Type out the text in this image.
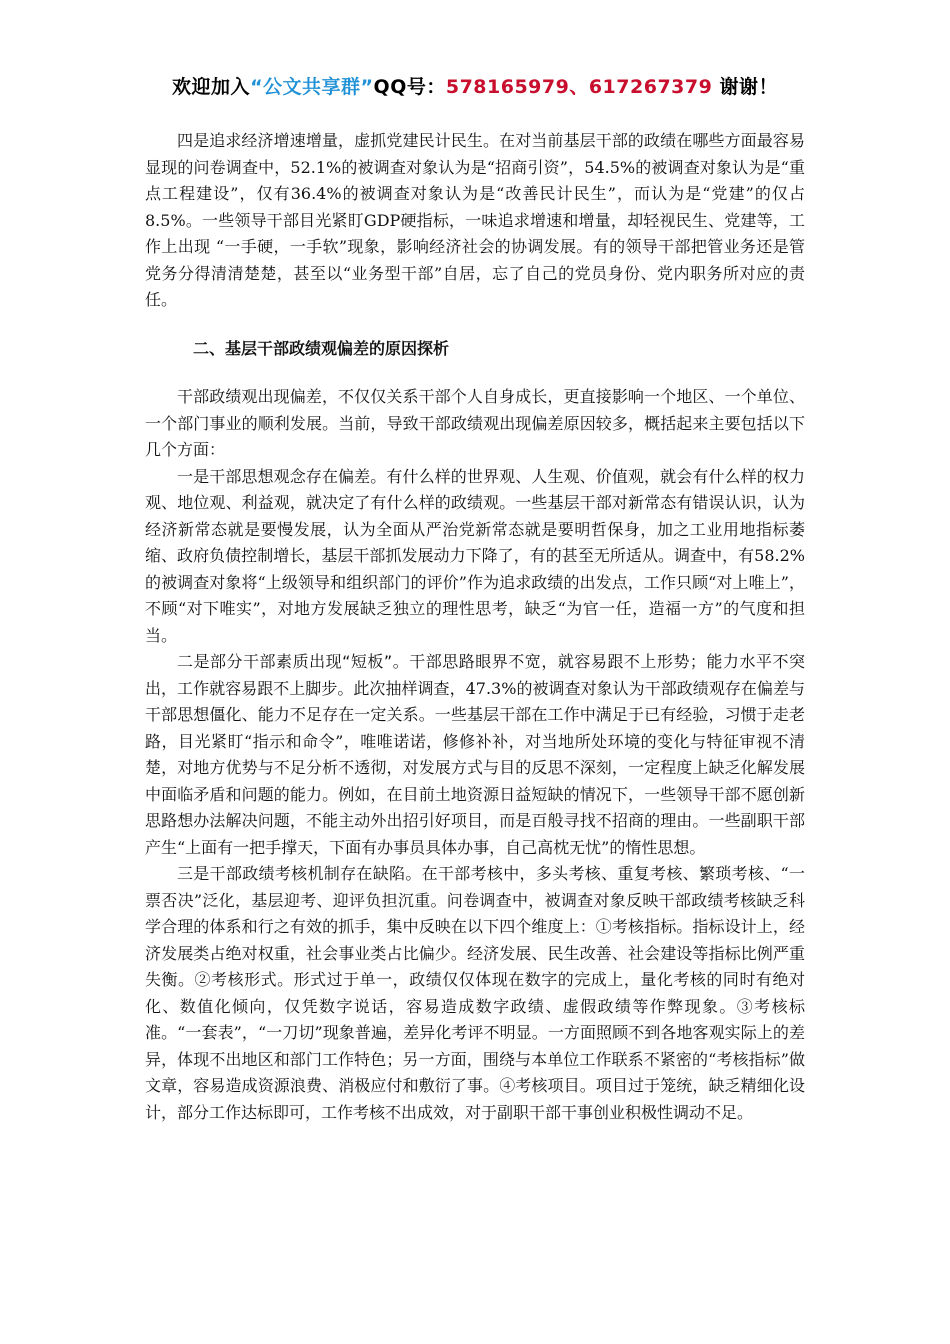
欢迎加入“公文共享群”QQ号：578165979、617267379 谢谢！

四是追求经济增速增量，虚抓党建民计民生。在对当前基层干部的政绩在哪些方面最容易显现的问卷调查中，52.1%的被调查对象认为是“招商引资”，54.5%的被调查对象认为是“重点工程建设”，仅有36.4%的被调查对象认为是“改善民计民生”，而认为是“党建”的仅占8.5%。一些领导干部目光紧盯GDP硬指标，一味追求增速和增量，却轻视民生、党建等，工作上出现 “一手硬，一手软”现象，影响经济社会的协调发展。有的领导干部把管业务还是管党务分得清清楚楚，甚至以“业务型干部”自居，忘了自己的党员身份、党内职务所对应的责任。

二、基层干部政绩观偏差的原因探析

干部政绩观出现偏差，不仅仅关系干部个人自身成长，更直接影响一个地区、一个单位、一个部门事业的顺利发展。当前，导致干部政绩观出现偏差原因较多，概括起来主要包括以下几个方面：

一是干部思想观念存在偏差。有什么样的世界观、人生观、价值观，就会有什么样的权力观、地位观、利益观，就决定了有什么样的政绩观。一些基层干部对新常态有错误认识，认为经济新常态就是要慢发展，认为全面从严治党新常态就是要明哲保身，加之工业用地指标萎缩、政府负债控制增长，基层干部抓发展动力下降了，有的甚至无所适从。调查中，有58.2%的被调查对象将“上级领导和组织部门的评价”作为追求政绩的出发点，工作只顾“对上唯上”，不顾“对下唯实”，对地方发展缺乏独立的理性思考，缺乏“为官一任，造福一方”的气度和担当。

二是部分干部素质出现“短板”。干部思路眼界不宽，就容易跟不上形势；能力水平不突出，工作就容易跟不上脚步。此次抽样调查，47.3%的被调查对象认为干部政绩观存在偏差与干部思想僵化、能力不足存在一定关系。一些基层干部在工作中满足于已有经验，习惯于走老路，目光紧盯“指示和命令”，唯唯诺诺，修修补补，对当地所处环境的变化与特征审视不清楚，对地方优势与不足分析不透彻，对发展方式与目的反思不深刻，一定程度上缺乏化解发展中面临矛盾和问题的能力。例如，在目前土地资源日益短缺的情况下，一些领导干部不愿创新思路想办法解决问题，不能主动外出招引好项目，而是百般寻找不招商的理由。一些副职干部产生“上面有一把手撑天，下面有办事员具体办事，自己高枕无忧”的惰性思想。

三是干部政绩考核机制存在缺陷。在干部考核中，多头考核、重复考核、繁琐考核、“一票否决”泛化，基层迎考、迎评负担沉重。问卷调查中，被调查对象反映干部政绩考核缺乏科学合理的体系和行之有效的抓手，集中反映在以下四个维度上：①考核指标。指标设计上，经济发展类占绝对权重，社会事业类占比偏少。经济发展、民生改善、社会建设等指标比例严重失衡。②考核形式。形式过于单一，政绩仅仅体现在数字的完成上，量化考核的同时有绝对化、数值化倾向，仅凭数字说话，容易造成数字政绩、虚假政绩等作弊现象。③考核标准。“一套表”，“一刀切”现象普遍，差异化考评不明显。一方面照顾不到各地客观实际上的差异，体现不出地区和部门工作特色；另一方面，围绕与本单位工作联系不紧密的“考核指标”做文章，容易造成资源浪费、消极应付和敷衍了事。④考核项目。项目过于笼统，缺乏精细化设计，部分工作达标即可，工作考核不出成效，对于副职干部干事创业积极性调动不足。
